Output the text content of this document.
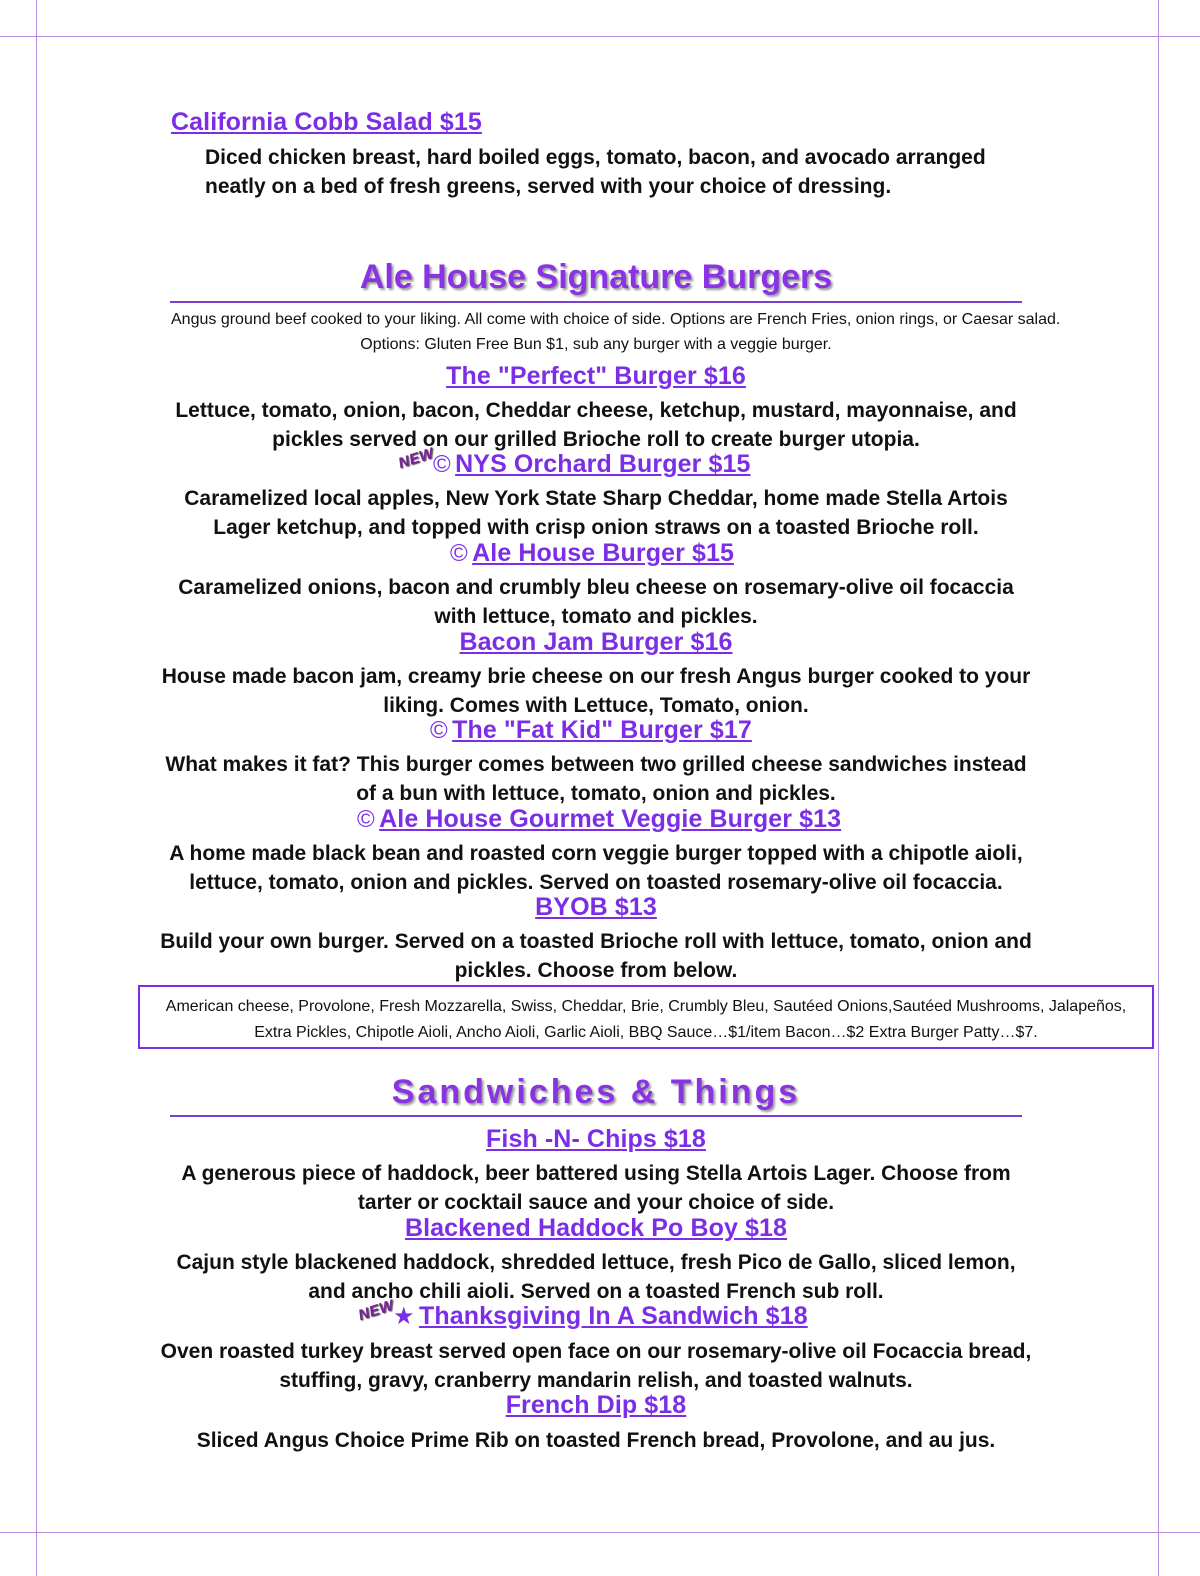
California Cobb Salad $15
Diced chicken breast, hard boiled eggs, tomato, bacon, and avocado arranged
neatly on a bed of fresh greens, served with your choice of dressing.
Ale House Signature Burgers
Angus ground beef cooked to your liking. All come with choice of side. Options are French Fries, onion rings, or Caesar salad.
Options: Gluten Free Bun $1, sub any burger with a veggie burger.
The "Perfect" Burger $16
Lettuce, tomato, onion, bacon, Cheddar cheese, ketchup, mustard, mayonnaise, and
pickles served on our grilled Brioche roll to create burger utopia.
NEW
© NYS Orchard Burger $15
Caramelized local apples, New York State Sharp Cheddar, home made Stella Artois
Lager ketchup, and topped with crisp onion straws on a toasted Brioche roll.
© Ale House Burger $15
Caramelized onions, bacon and crumbly bleu cheese on rosemary-olive oil focaccia
with lettuce, tomato and pickles.
Bacon Jam Burger $16
House made bacon jam, creamy brie cheese on our fresh Angus burger cooked to your
liking. Comes with Lettuce, Tomato, onion.
© The "Fat Kid" Burger $17
What makes it fat? This burger comes between two grilled cheese sandwiches instead
of a bun with lettuce, tomato, onion and pickles.
© Ale House Gourmet Veggie Burger $13
A home made black bean and roasted corn veggie burger topped with a chipotle aioli,
lettuce, tomato, onion and pickles. Served on toasted rosemary-olive oil focaccia.
BYOB $13
Build your own burger. Served on a toasted Brioche roll with lettuce, tomato, onion and
pickles. Choose from below.
American cheese, Provolone, Fresh Mozzarella, Swiss, Cheddar, Brie, Crumbly Bleu, Sautéed Onions,Sautéed Mushrooms, Jalapeños,
Extra Pickles, Chipotle Aioli, Ancho Aioli, Garlic Aioli, BBQ Sauce…$1/item Bacon…$2 Extra Burger Patty…$7.
Sandwiches & Things
Fish -N- Chips $18
A generous piece of haddock, beer battered using Stella Artois Lager. Choose from
tarter or cocktail sauce and your choice of side.
Blackened Haddock Po Boy $18
Cajun style blackened haddock, shredded lettuce, fresh Pico de Gallo, sliced lemon,
and ancho chili aioli. Served on a toasted French sub roll.
NEW
★ Thanksgiving In A Sandwich $18
Oven roasted turkey breast served open face on our rosemary-olive oil Focaccia bread,
stuffing, gravy, cranberry mandarin relish, and toasted walnuts.
French Dip $18
Sliced Angus Choice Prime Rib on toasted French bread, Provolone, and au jus.
